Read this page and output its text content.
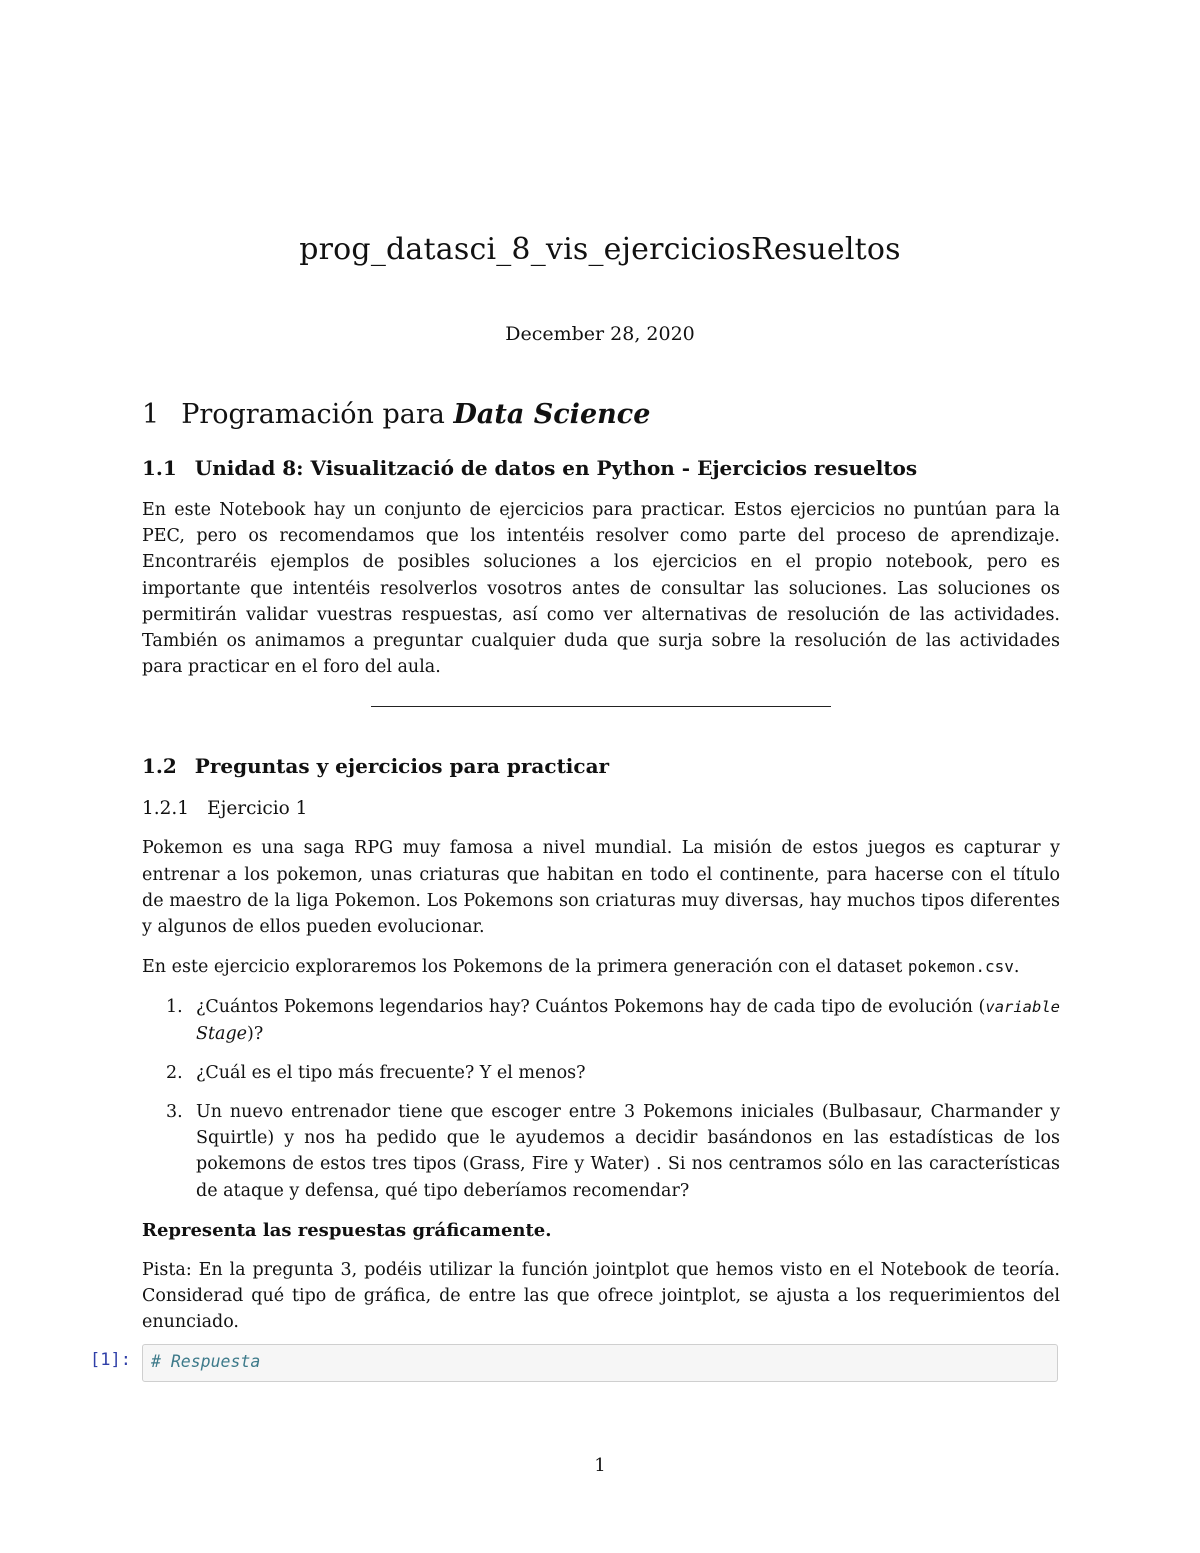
prog_datasci_8_vis_ejerciciosResueltos
December 28, 2020
1 Programación para Data Science
1.1 Unidad 8: Visualització de datos en Python - Ejercicios resueltos

En este Notebook hay un conjunto de ejercicios para practicar. Estos ejercicios no puntúan para la PEC, pero os recomendamos que los intentéis resolver como parte del proceso de aprendizaje. Encontraréis ejemplos de posibles soluciones a los ejercicios en el propio notebook, pero es importante que intentéis resolverlos vosotros antes de consultar las soluciones. Las soluciones os permitirán validar vuestras respuestas, así como ver alternativas de resolución de las actividades. También os animamos a preguntar cualquier duda que surja sobre la resolución de las actividades para practicar en el foro del aula.

1.2 Preguntas y ejercicios para practicar
1.2.1 Ejercicio 1

Pokemon es una saga RPG muy famosa a nivel mundial. La misión de estos juegos es capturar y entrenar a los pokemon, unas criaturas que habitan en todo el continente, para hacerse con el título de maestro de la liga Pokemon. Los Pokemons son criaturas muy diversas, hay muchos tipos diferentes y algunos de ellos pueden evolucionar.

En este ejercicio exploraremos los Pokemons de la primera generación con el dataset pokemon.csv.

1. ¿Cuántos Pokemons legendarios hay? Cuántos Pokemons hay de cada tipo de evolución (variable Stage)?
2. ¿Cuál es el tipo más frecuente? Y el menos?
3. Un nuevo entrenador tiene que escoger entre 3 Pokemons iniciales (Bulbasaur, Charmander y Squirtle) y nos ha pedido que le ayudemos a decidir basándonos en las estadísticas de los pokemons de estos tres tipos (Grass, Fire y Water) . Si nos centramos sólo en las características de ataque y defensa, qué tipo deberíamos recomendar?
Representa las respuestas gráficamente.

Pista: En la pregunta 3, podéis utilizar la función jointplot que hemos visto en el Notebook de teoría. Considerad qué tipo de gráfica, de entre las que ofrece jointplot, se ajusta a los requerimientos del enunciado.

[1]: # Respuesta
1
